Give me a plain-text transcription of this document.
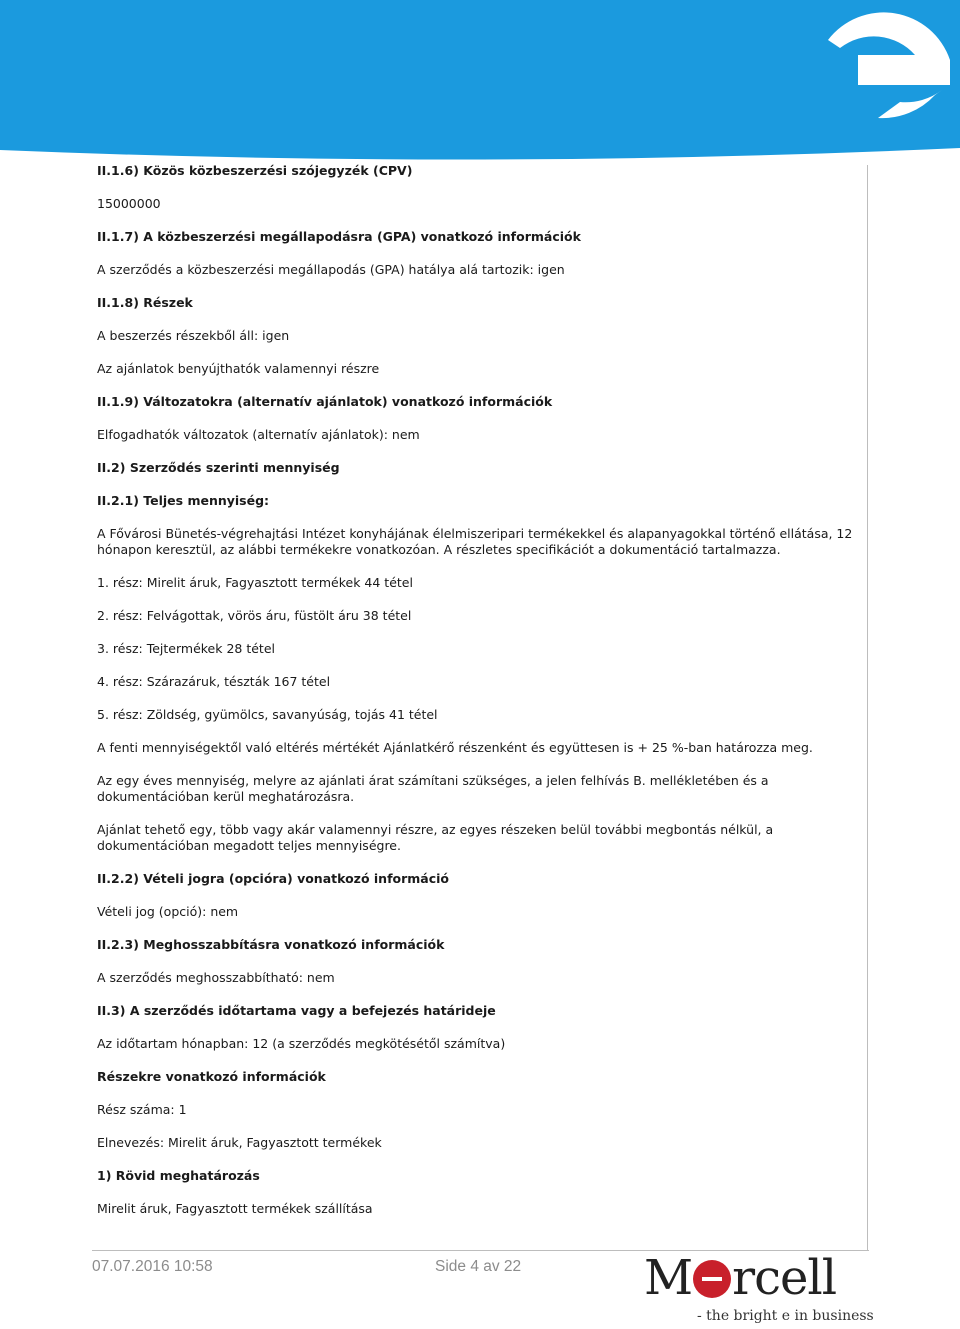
II.1.6) Közös közbeszerzési szójegyzék (CPV)

15000000

II.1.7) A közbeszerzési megállapodásra (GPA) vonatkozó információk

A szerződés a közbeszerzési megállapodás (GPA) hatálya alá tartozik: igen

II.1.8) Részek

A beszerzés részekből áll: igen

Az ajánlatok benyújthatók valamennyi részre

II.1.9) Változatokra (alternatív ajánlatok) vonatkozó információk

Elfogadhatók változatok (alternatív ajánlatok): nem

II.2) Szerződés szerinti mennyiség

II.2.1) Teljes mennyiség:

A Fővárosi Bünetés-végrehajtási Intézet konyhájának élelmiszeripari termékekkel és alapanyagokkal történő ellátása, 12 hónapon keresztül, az alábbi termékekre vonatkozóan. A részletes specifikációt a dokumentáció tartalmazza.

1. rész: Mirelit áruk, Fagyasztott termékek 44 tétel

2. rész: Felvágottak, vörös áru, füstölt áru 38 tétel

3. rész: Tejtermékek 28 tétel

4. rész: Szárazáruk, tészták 167 tétel

5. rész: Zöldség, gyümölcs, savanyúság, tojás 41 tétel

A fenti mennyiségektől való eltérés mértékét Ajánlatkérő részenként és együttesen is + 25 %-ban határozza meg.

Az egy éves mennyiség, melyre az ajánlati árat számítani szükséges, a jelen felhívás B. mellékletében és a dokumentációban kerül meghatározásra.

Ajánlat tehető egy, több vagy akár valamennyi részre, az egyes részeken belül további megbontás nélkül, a dokumentációban megadott teljes mennyiségre.

II.2.2) Vételi jogra (opcióra) vonatkozó információ

Vételi jog (opció): nem

II.2.3) Meghosszabbításra vonatkozó információk

A szerződés meghosszabbítható: nem

II.3) A szerződés időtartama vagy a befejezés határideje

Az időtartam hónapban: 12 (a szerződés megkötésétől számítva)

Részekre vonatkozó információk

Rész száma: 1

Elnevezés: Mirelit áruk, Fagyasztott termékek

1) Rövid meghatározás

Mirelit áruk, Fagyasztott termékek szállítása

07.07.2016 10:58	Side 4 av 22	M rcell
- the bright e in business
